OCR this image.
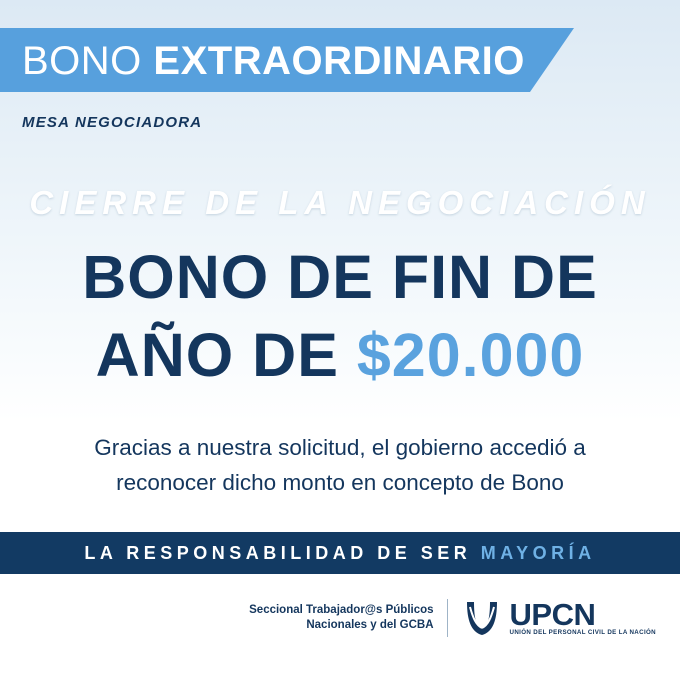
BONO EXTRAORDINARIO
MESA NEGOCIADORA
CIERRE DE LA NEGOCIACIÓN
BONO DE FIN DE
AÑO DE $20.000
Gracias a nuestra solicitud, el gobierno accedió a reconocer dicho monto en concepto de Bono
LA RESPONSABILIDAD DE SER MAYORÍA
Seccional Trabajador@s Públicos
Nacionales y del GCBA UPCN
UNIÓN DEL PERSONAL CIVIL DE LA NACIÓN
